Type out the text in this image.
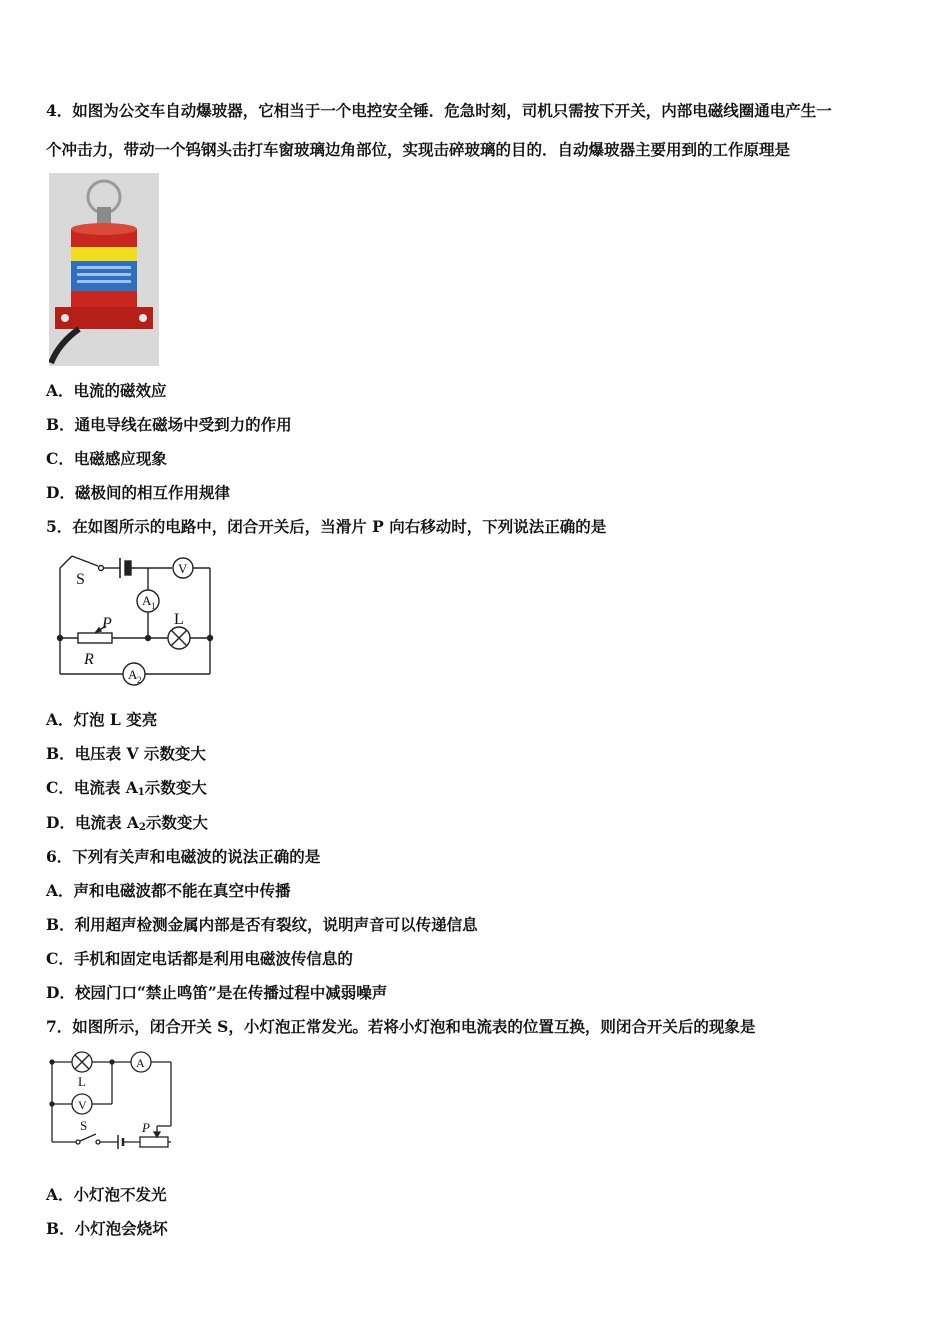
4．如图为公交车自动爆玻器，它相当于一个电控安全锤．危急时刻，司机只需按下开关，内部电磁线圈通电产生一
个冲击力，带动一个钨钢头击打车窗玻璃边角部位，实现击碎玻璃的目的．自动爆玻器主要用到的工作原理是
A．电流的磁效应
B．通电导线在磁场中受到力的作用
C．电磁感应现象
D．磁极间的相互作用规律
5．在如图所示的电路中，闭合开关后，当滑片 P 向右移动时，下列说法正确的是
S
V
A 1
L
P
R
A 2
A．灯泡 L 变亮
B．电压表 V 示数变大
C．电流表 $A_1$示数变大
D．电流表 $A_2$示数变大
6．下列有关声和电磁波的说法正确的是
A．声和电磁波都不能在真空中传播
B．利用超声检测金属内部是否有裂纹，说明声音可以传递信息
C．手机和固定电话都是利用电磁波传信息的
D．校园门口“禁止鸣笛”是在传播过程中减弱噪声
7．如图所示，闭合开关 S，小灯泡正常发光。若将小灯泡和电流表的位置互换，则闭合开关后的现象是
L
A
V
S	P
A．小灯泡不发光
B．小灯泡会烧坏
